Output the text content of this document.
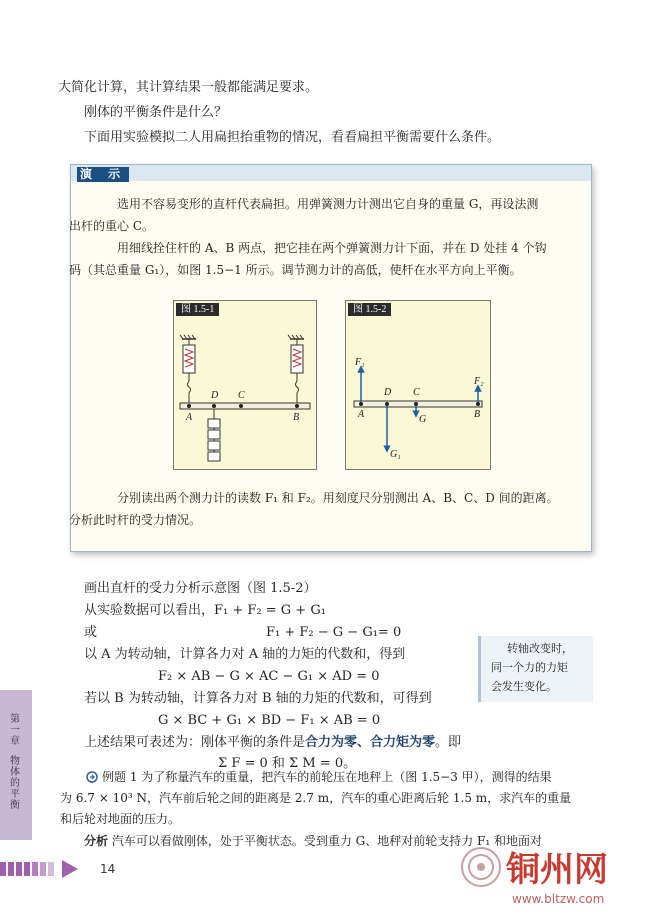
大简化计算，其计算结果一般都能满足要求。
刚体的平衡条件是什么？
下面用实验模拟二人用扁担抬重物的情况，看看扁担平衡需要什么条件。
演 示
选用不容易变形的直杆代表扁担。用弹簧测力计测出它自身的重量 G，再设法测
出杆的重心 C。
用细线拴住杆的 A、B 两点，把它挂在两个弹簧测力计下面，并在 D 处挂 4 个钩
码（其总重量 G₁），如图 1.5−1 所示。调节测力计的高低，使杆在水平方向上平衡。
图 1.5-1
A
D C
B
图 1.5-2
F₁
F₂
A
D C
G	B
G₁
分别读出两个测力计的读数 F₁ 和 F₂。用刻度尺分别测出 A、B、C、D 间的距离。
分析此时杆的受力情况。
画出直杆的受力分析示意图（图 1.5-2）
从实验数据可以看出，F₁ + F₂ = G + G₁
或	F₁ + F₂ − G − G₁= 0
以 A 为转动轴，计算各力对 A 轴的力矩的代数和，得到
F₂ × AB − G × AC − G₁ × AD = 0
若以 B 为转动轴，计算各力对 B 轴的力矩的代数和，可得到
G × BC + G₁ × BD − F₁ × AB = 0
上述结果可表述为：刚体平衡的条件是合力为零、合力矩为零。即
Σ F = 0 和 Σ M = 0。
例题 1 为了称量汽车的重量，把汽车的前轮压在地秤上（图 1.5−3 甲），测得的结果
为 6.7 × 10³ N，汽车前后轮之间的距离是 2.7 m，汽车的重心距离后轮 1.5 m，求汽车的重量
和后轮对地面的压力。
分析 汽车可以看做刚体，处于平衡状态。受到重力 G、地秤对前轮支持力 F₁ 和地面对
转轴改变时，
同一个力的力矩
会发生变化。
第一章
物体的平衡
14	铜州网
www.bltzw.com
